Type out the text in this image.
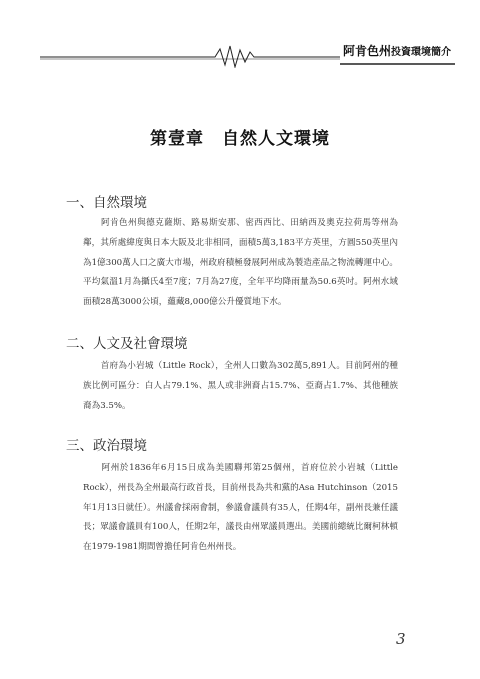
阿肯色州投資環境簡介
第壹章　自然人文環境
一、自然環境
　　阿肯色州與德克薩斯、路易斯安那、密西西比、田納西及奧克拉荷馬等州為鄰，其所處緯度與日本大阪及北非相同，面積5萬3,183平方英里，方圓550英里內為1億300萬人口之廣大市場，州政府積極發展阿州成為製造產品之物流轉運中心。平均氣溫1月為攝氏4至7度；7月為27度，全年平均降雨量為50.6英吋。阿州水域面積28萬3000公頃，蘊藏8,000億公升優質地下水。
二、人文及社會環境
　　首府為小岩城（Little Rock），全州人口數為302萬5,891人。目前阿州的種族比例可區分：白人占79.1%、黑人或非洲裔占15.7%、亞裔占1.7%、其他種族裔為3.5%。
三、政治環境
　　阿州於1836年6月15日成為美國聯邦第25個州，首府位於小岩城（Little Rock），州長為全州最高行政首長，目前州長為共和黨的Asa Hutchinson（2015年1月13日就任）。州議會採兩會制，參議會議員有35人，任期4年，副州長兼任議長；眾議會議員有100人，任期2年，議長由州眾議員選出。美國前總統比爾柯林頓在1979-1981期間曾擔任阿肯色州州長。
3
